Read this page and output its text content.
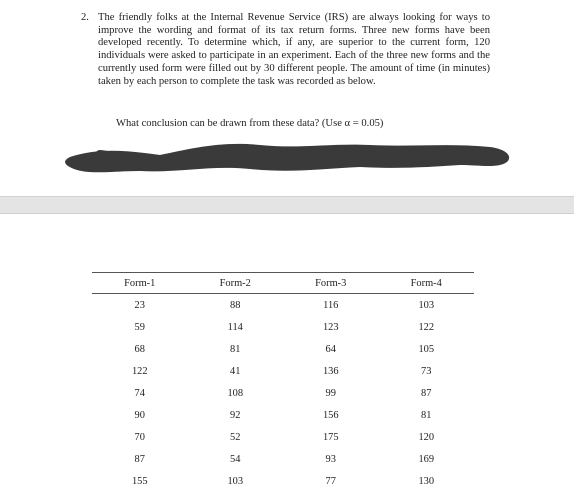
2. The friendly folks at the Internal Revenue Service (IRS) are always looking for ways to improve the wording and format of its tax return forms. Three new forms have been developed recently. To determine which, if any, are superior to the current form, 120 individuals were asked to participate in an experiment. Each of the three new forms and the currently used form were filled out by 30 different people. The amount of time (in minutes) taken by each person to complete the task was recorded as below.
What conclusion can be drawn from these data? (Use α = 0.05)
Form-1	Form-2	Form-3	Form-4
23	88	116	103
59	114	123	122
68	81	64	105
122	41	136	73
74	108	99	87
90	92	156	81
70	52	175	120
87	54	93	169
155	103	77	130
